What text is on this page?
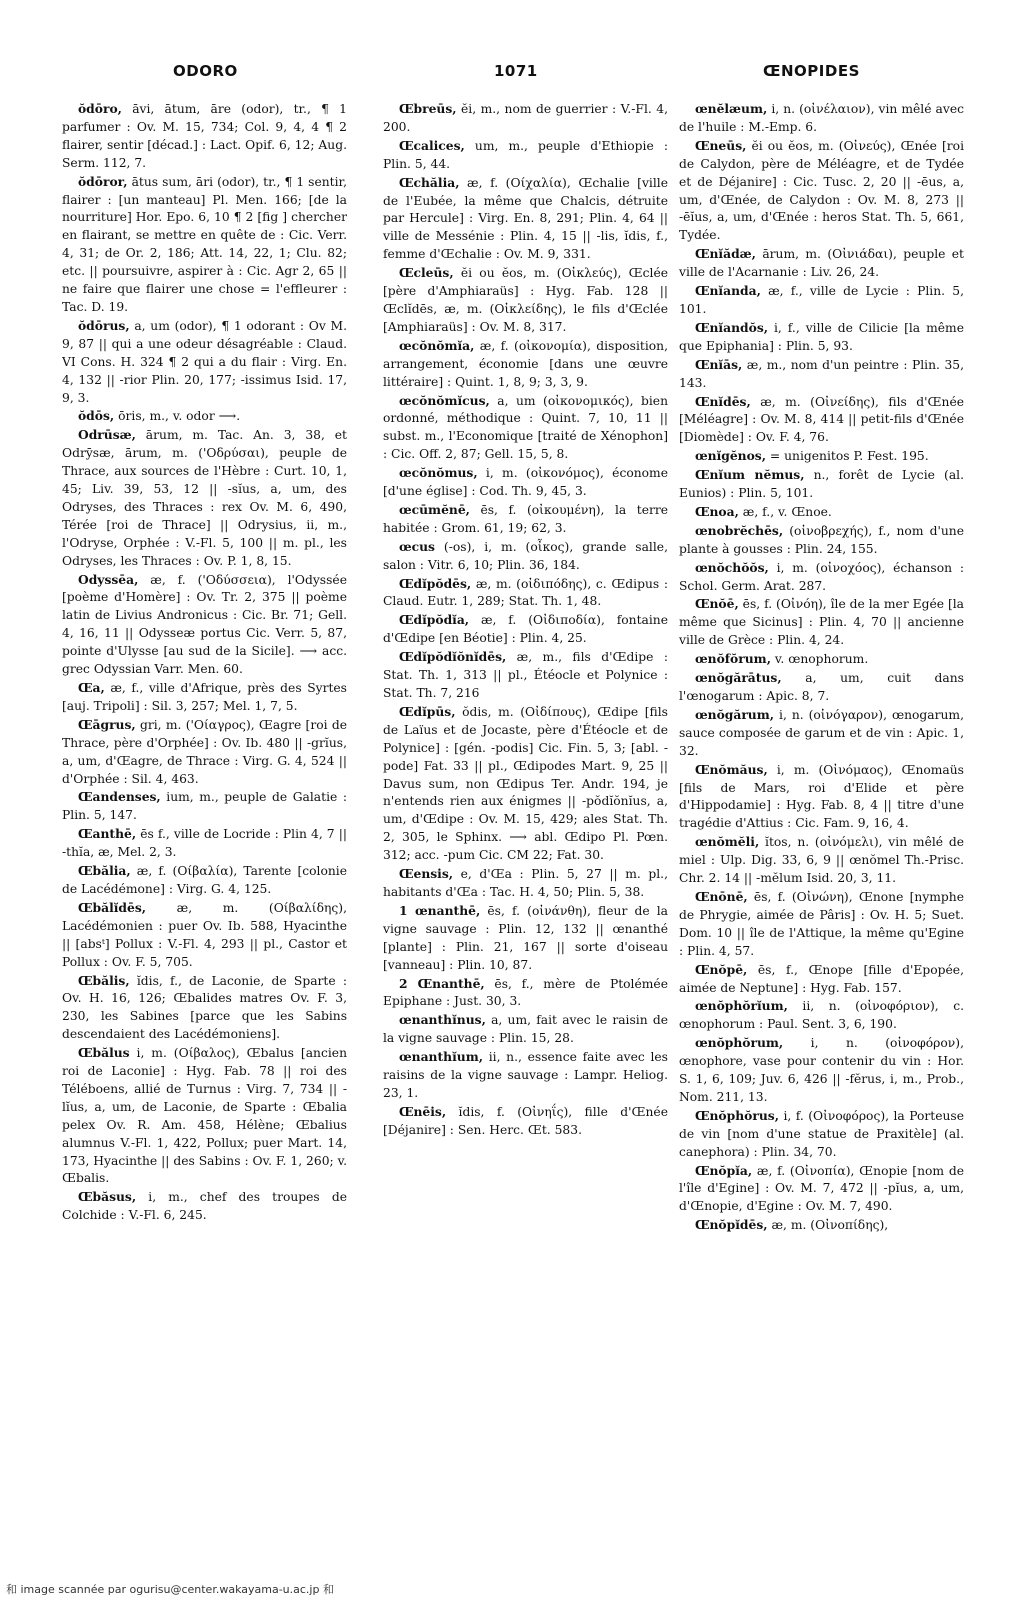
ODORO	1071	ŒNOPIDES

ŏdōro, āvi, ātum, āre (odor), tr., ¶ 1 parfumer : Ov. M. 15, 734; Col. 9, 4, 4 ¶ 2 flairer, sentir [décad.] : Lact. Opif. 6, 12; Aug. Serm. 112, 7.

ŏdōror, ātus sum, āri (odor), tr., ¶ 1 sentir, flairer : [un manteau] Pl. Men. 166; [de la nourriture] Hor. Epo. 6, 10 ¶ 2 [fig ] chercher en flairant, se mettre en quête de : Cic. Verr. 4, 31; de Or. 2, 186; Att. 14, 22, 1; Clu. 82; etc. || poursuivre, aspirer à : Cic. Agr 2, 65 || ne faire que flairer une chose = l'effleurer : Tac. D. 19.

ŏdōrus, a, um (odor), ¶ 1 odorant : Ov M. 9, 87 || qui a une odeur désagréable : Claud. VI Cons. H. 324 ¶ 2 qui a du flair : Virg. En. 4, 132 || -rior Plin. 20, 177; -issimus Isid. 17, 9, 3.

ŏdōs, ōris, m., v. odor ⟶.

Odrūsæ, ārum, m. Tac. An. 3, 38, et Odrȳsæ, ārum, m. ('Οδρύσαι), peuple de Thrace, aux sources de l'Hèbre : Curt. 10, 1, 45; Liv. 39, 53, 12 || -sĭus, a, um, des Odryses, des Thraces : rex Ov. M. 6, 490, Térée [roi de Thrace] || Odrysius, ii, m., l'Odryse, Orphée : V.-Fl. 5, 100 || m. pl., les Odryses, les Thraces : Ov. P. 1, 8, 15.

Odyssēa, æ, f. ('Οδύσσεια), l'Odyssée [poème d'Homère] : Ov. Tr. 2, 375 || poème latin de Livius Andronicus : Cic. Br. 71; Gell. 4, 16, 11 || Odysseæ portus Cic. Verr. 5, 87, pointe d'Ulysse [au sud de la Sicile]. ⟶ acc. grec Odyssian Varr. Men. 60.

Œa, æ, f., ville d'Afrique, près des Syrtes [auj. Tripoli] : Sil. 3, 257; Mel. 1, 7, 5.

Œāgrus, gri, m. ('Οίαγρος), Œagre [roi de Thrace, père d'Orphée] : Ov. Ib. 480 || -grĭus, a, um, d'Œagre, de Thrace : Virg. G. 4, 524 || d'Orphée : Sil. 4, 463.

Œandenses, ium, m., peuple de Galatie : Plin. 5, 147.

Œanthē, ēs f., ville de Locride : Plin 4, 7 || -thĭa, æ, Mel. 2, 3.

Œbălia, æ, f. (Οίβαλία), Tarente [colonie de Lacédémone] : Virg. G. 4, 125.

Œbălĭdēs, æ, m. (Οίβαλίδης), Lacédémonien : puer Ov. Ib. 588, Hyacinthe || [absᵗ] Pollux : V.-Fl. 4, 293 || pl., Castor et Pollux : Ov. F. 5, 705.

Œbălis, ĭdis, f., de Laconie, de Sparte : Ov. H. 16, 126; Œbalides matres Ov. F. 3, 230, les Sabines [parce que les Sabins descendaient des Lacédémoniens].

Œbălus i, m. (Οίβαλος), Œbalus [ancien roi de Laconie] : Hyg. Fab. 78 || roi des Téléboens, allié de Turnus : Virg. 7, 734 || -lĭus, a, um, de Laconie, de Sparte : Œbalia pelex Ov. R. Am. 458, Hélène; Œbalius alumnus V.-Fl. 1, 422, Pollux; puer Mart. 14, 173, Hyacinthe || des Sabins : Ov. F. 1, 260; v. Œbalis.

Œbăsus, i, m., chef des troupes de Colchide : V.-Fl. 6, 245.

Œbreūs, ĕi, m., nom de guerrier : V.-Fl. 4, 200.

Œcalices, um, m., peuple d'Ethiopie : Plin. 5, 44.

Œchălia, æ, f. (Οίχαλία), Œchalie [ville de l'Eubée, la même que Chalcis, détruite par Hercule] : Virg. En. 8, 291; Plin. 4, 64 || ville de Messénie : Plin. 4, 15 || -lis, ĭdis, f., femme d'Œchalie : Ov. M. 9, 331.

Œcleūs, ĕi ou ĕos, m. (Οἰκλεύς), Œclée [père d'Amphiaraüs] : Hyg. Fab. 128 || Œclĭdēs, æ, m. (Οἰκλείδης), le fils d'Œclée [Amphiaraüs] : Ov. M. 8, 317.

œcŏnŏmĭa, æ, f. (οἰκονομία), disposition, arrangement, économie [dans une œuvre littéraire] : Quint. 1, 8, 9; 3, 3, 9.

œcŏnŏmĭcus, a, um (οἰκονομικός), bien ordonné, méthodique : Quint. 7, 10, 11 || subst. m., l'Economique [traité de Xénophon] : Cic. Off. 2, 87; Gell. 15, 5, 8.

œcŏnŏmus, i, m. (οἰκονόμος), économe [d'une église] : Cod. Th. 9, 45, 3.

œcūmĕnē, ēs, f. (οἰκουμένη), la terre habitée : Grom. 61, 19; 62, 3.

œcus (-os), i, m. (οἶκος), grande salle, salon : Vitr. 6, 10; Plin. 36, 184.

Œdĭpŏdēs, æ, m. (οἰδιπόδης), c. Œdipus : Claud. Eutr. 1, 289; Stat. Th. 1, 48.

Œdĭpŏdĭa, æ, f. (Οἰδιποδία), fontaine d'Œdipe [en Béotie] : Plin. 4, 25.

Œdĭpŏdĭŏnĭdēs, æ, m., fils d'Œdipe : Stat. Th. 1, 313 || pl., Étéocle et Polynice : Stat. Th. 7, 216

Œdĭpūs, ŏdis, m. (Οἰδίπους), Œdipe [fils de Laïus et de Jocaste, père d'Étéocle et de Polynice] : [gén. -podis] Cic. Fin. 5, 3; [abl. -pode] Fat. 33 || pl., Œdipodes Mart. 9, 25 || Davus sum, non Œdipus Ter. Andr. 194, je n'entends rien aux énigmes || -pŏdĭŏnĭus, a, um, d'Œdipe : Ov. M. 15, 429; ales Stat. Th. 2, 305, le Sphinx. ⟶ abl. Œdipo Pl. Pœn. 312; acc. -pum Cic. CM 22; Fat. 30.

Œensis, e, d'Œa : Plin. 5, 27 || m. pl., habitants d'Œa : Tac. H. 4, 50; Plin. 5, 38.

1 œnanthē, ēs, f. (οἰνάνθη), fleur de la vigne sauvage : Plin. 12, 132 || œnanthé [plante] : Plin. 21, 167 || sorte d'oiseau [vanneau] : Plin. 10, 87.

2 Œnanthē, ēs, f., mère de Ptolémée Epiphane : Just. 30, 3.

œnanthĭnus, a, um, fait avec le raisin de la vigne sauvage : Plin. 15, 28.

œnanthĭum, ii, n., essence faite avec les raisins de la vigne sauvage : Lampr. Heliog. 23, 1.

Œnēis, ĭdis, f. (Οἰνηΐς), fille d'Œnée [Déjanire] : Sen. Herc. Œt. 583.

œnĕlæum, i, n. (οἰνέλαιον), vin mêlé avec de l'huile : M.-Emp. 6.

Œneūs, ĕi ou ĕos, m. (Οἰνεύς), Œnée [roi de Calydon, père de Méléagre, et de Tydée et de Déjanire] : Cic. Tusc. 2, 20 || -ēus, a, um, d'Œnée, de Calydon : Ov. M. 8, 273 || -ēĭus, a, um, d'Œnée : heros Stat. Th. 5, 661, Tydée.

Œnĭădæ, ārum, m. (Οἰνιάδαι), peuple et ville de l'Acarnanie : Liv. 26, 24.

Œnĭanda, æ, f., ville de Lycie : Plin. 5, 101.

Œnĭandŏs, i, f., ville de Cilicie [la même que Epiphania] : Plin. 5, 93.

Œnĭās, æ, m., nom d'un peintre : Plin. 35, 143.

Œnĭdēs, æ, m. (Οἰνείδης), fils d'Œnée [Méléagre] : Ov. M. 8, 414 || petit-fils d'Œnée [Diomède] : Ov. F. 4, 76.

œnĭgĕnos, = unigenitos P. Fest. 195.

Œnĭum nĕmus, n., forêt de Lycie (al. Eunios) : Plin. 5, 101.

Œnoa, æ, f., v. Œnoe.

œnobrĕchēs, (οἰνοβρεχής), f., nom d'une plante à gousses : Plin. 24, 155.

œnŏchŏŏs, i, m. (οἰνοχόος), échanson : Schol. Germ. Arat. 287.

Œnŏē, ēs, f. (Οἰνόη), île de la mer Egée [la même que Sicinus] : Plin. 4, 70 || ancienne ville de Grèce : Plin. 4, 24.

œnŏfŏrum, v. œnophorum.

œnŏgărātus, a, um, cuit dans l'œnogarum : Apic. 8, 7.

œnŏgărum, i, n. (οἰνόγαρον), œnogarum, sauce composée de garum et de vin : Apic. 1, 32.

Œnŏmăus, i, m. (Οἰνόμαος), Œnomaüs [fils de Mars, roi d'Elide et père d'Hippodamie] : Hyg. Fab. 8, 4 || titre d'une tragédie d'Attius : Cic. Fam. 9, 16, 4.

œnŏmĕli, ĭtos, n. (οἰνόμελι), vin mêlé de miel : Ulp. Dig. 33, 6, 9 || œnŏmel Th.-Prisc. Chr. 2. 14 || -mĕlum Isid. 20, 3, 11.

Œnōnē, ēs, f. (Οἰνώνη), Œnone [nymphe de Phrygie, aimée de Pâris] : Ov. H. 5; Suet. Dom. 10 || île de l'Attique, la même qu'Egine : Plin. 4, 57.

Œnŏpē, ēs, f., Œnope [fille d'Epopée, aimée de Neptune] : Hyg. Fab. 157.

œnŏphŏrĭum, ii, n. (οἰνοφόριον), c. œnophorum : Paul. Sent. 3, 6, 190.

œnŏphŏrum, i, n. (οἰνοφόρον), œnophore, vase pour contenir du vin : Hor. S. 1, 6, 109; Juv. 6, 426 || -fĕrus, i, m., Prob., Nom. 211, 13.

Œnŏphŏrus, i, f. (Οἰνοφόρος), la Porteuse de vin [nom d'une statue de Praxitèle] (al. canephora) : Plin. 34, 70.

Œnŏpĭa, æ, f. (Οἰνοπία), Œnopie [nom de l'île d'Egine] : Ov. M. 7, 472 || -pĭus, a, um, d'Œnopie, d'Egine : Ov. M. 7, 490.

Œnŏpĭdēs, æ, m. (Οἰνοπίδης),

和 image scannée par ogurisu@center.wakayama-u.ac.jp 和
